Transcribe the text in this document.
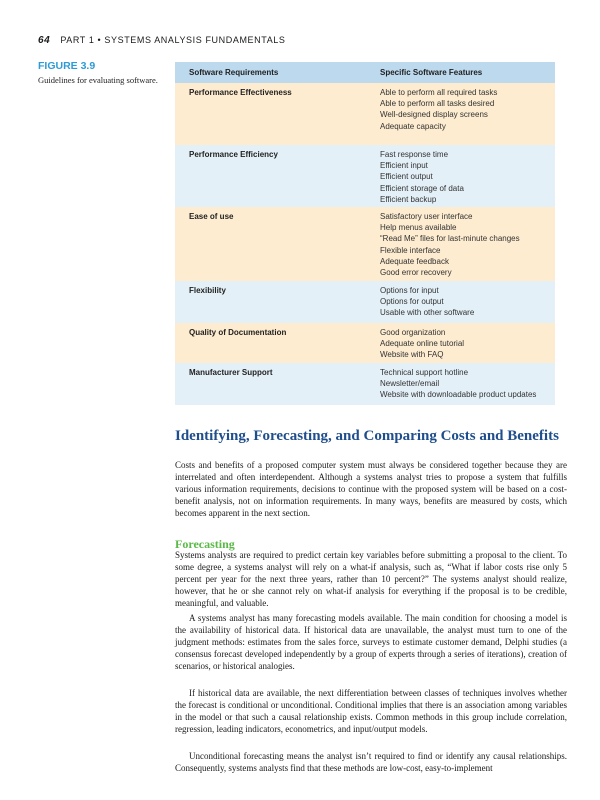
64 PART 1 • SYSTEMS ANALYSIS FUNDAMENTALS
FIGURE 3.9
Guidelines for evaluating software.
Software Requirements	Specific Software Features
Performance Effectiveness	Able to perform all required tasks
Able to perform all tasks desired
Well-designed display screens
Adequate capacity
Performance Efficiency	Fast response time
Efficient input
Efficient output
Efficient storage of data
Efficient backup
Ease of use	Satisfactory user interface
Help menus available
“Read Me” files for last-minute changes
Flexible interface
Adequate feedback
Good error recovery
Flexibility	Options for input
Options for output
Usable with other software
Quality of Documentation	Good organization
Adequate online tutorial
Website with FAQ
Manufacturer Support	Technical support hotline
Newsletter/email
Website with downloadable product updates
Identifying, Forecasting, and Comparing Costs and Benefits

Costs and benefits of a proposed computer system must always be considered together because they are interrelated and often interdependent. Although a systems analyst tries to propose a system that fulfills various information requirements, decisions to continue with the proposed system will be based on a cost-benefit analysis, not on information requirements. In many ways, benefits are measured by costs, which becomes apparent in the next section.

Forecasting

Systems analysts are required to predict certain key variables before submitting a proposal to the client. To some degree, a systems analyst will rely on a what-if analysis, such as, “What if labor costs rise only 5 percent per year for the next three years, rather than 10 percent?” The systems analyst should realize, however, that he or she cannot rely on what-if analysis for everything if the proposal is to be credible, meaningful, and valuable.

A systems analyst has many forecasting models available. The main condition for choosing a model is the availability of historical data. If historical data are unavailable, the analyst must turn to one of the judgment methods: estimates from the sales force, surveys to estimate customer demand, Delphi studies (a consensus forecast developed independently by a group of experts through a series of iterations), creation of scenarios, or historical analogies.

If historical data are available, the next differentiation between classes of techniques involves whether the forecast is conditional or unconditional. Conditional implies that there is an association among variables in the model or that such a causal relationship exists. Common methods in this group include correlation, regression, leading indicators, econometrics, and input/output models.

Unconditional forecasting means the analyst isn’t required to find or identify any causal relationships. Consequently, systems analysts find that these methods are low-cost, easy-to-implement
